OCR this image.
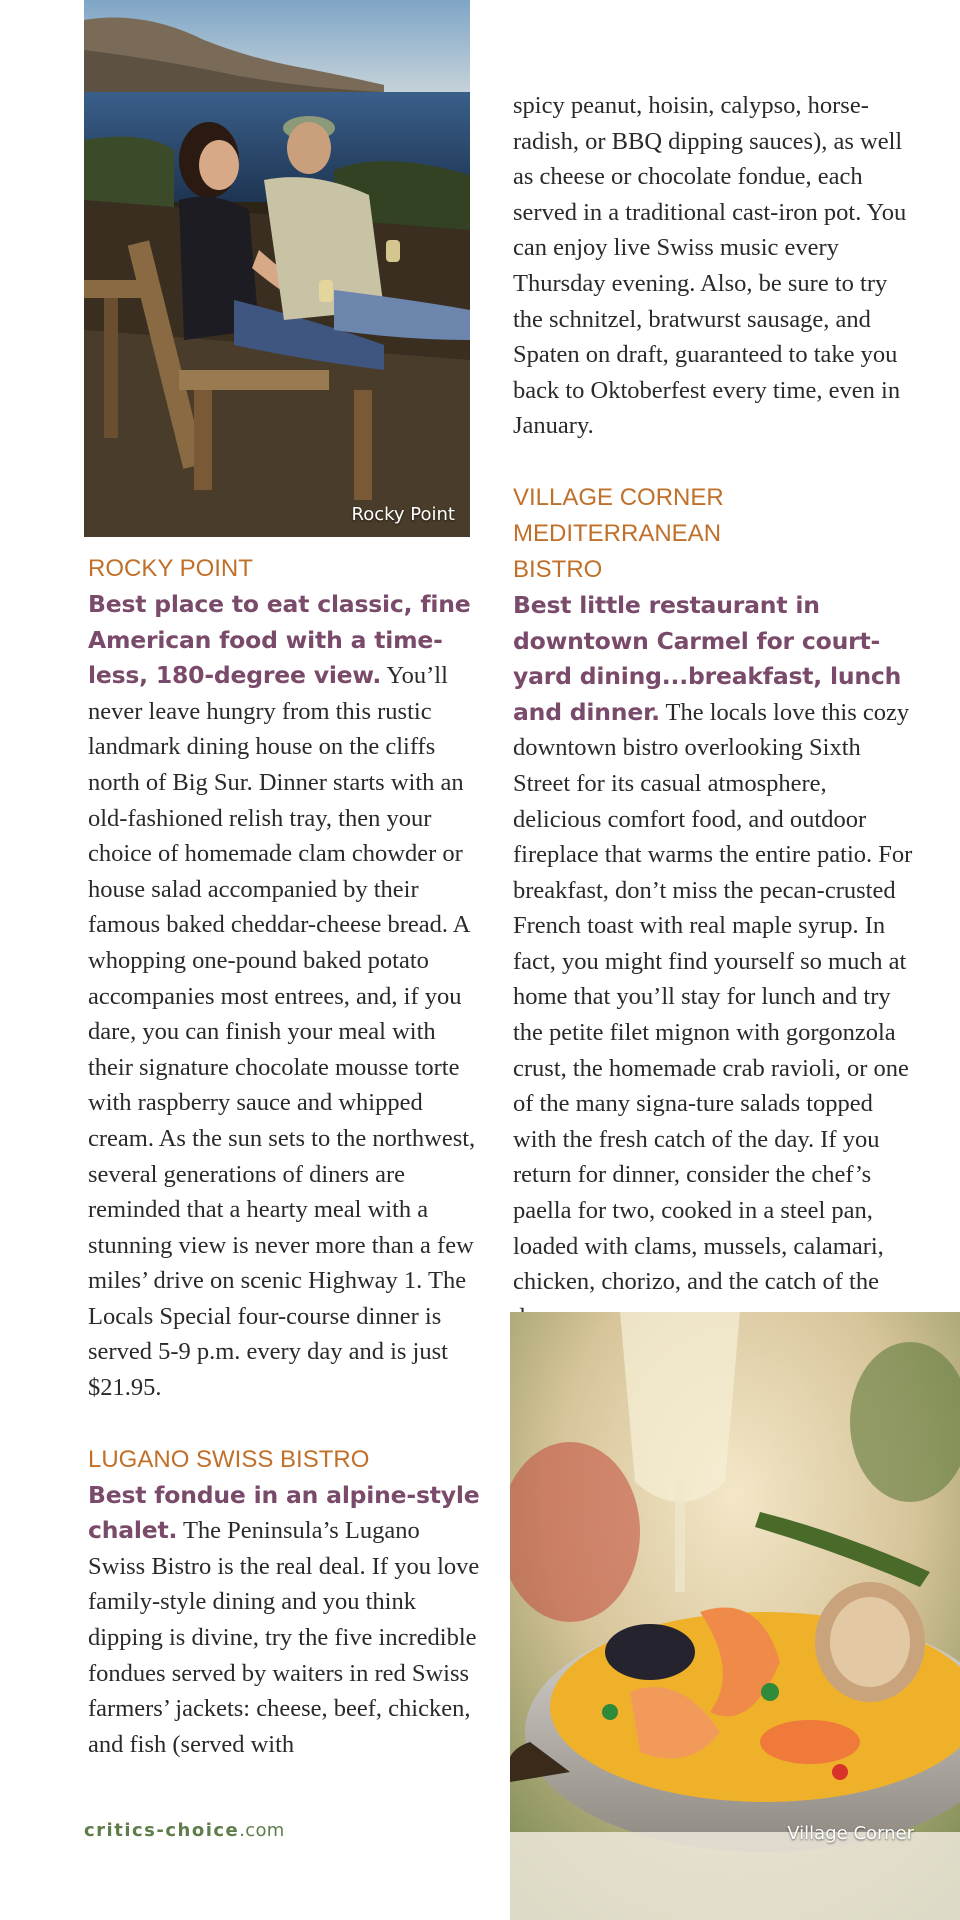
Rocky Point
ROCKY POINT

Best place to eat classic, fine American food with a time-less, 180-degree view. You’ll never leave hungry from this rustic landmark dining house on the cliffs north of Big Sur. Dinner starts with an old-fashioned relish tray, then your choice of homemade clam chowder or house salad accompanied by their famous baked cheddar-cheese bread. A whopping one-pound baked potato accompanies most entrees, and, if you dare, you can finish your meal with their signature chocolate mousse torte with raspberry sauce and whipped cream. As the sun sets to the northwest, several generations of diners are reminded that a hearty meal with a stunning view is never more than a few miles’ drive on scenic Highway 1. The Locals Special four-course dinner is served 5-9 p.m. every day and is just $21.95.

LUGANO SWISS BISTRO

Best fondue in an alpine-style chalet. The Peninsula’s Lugano Swiss Bistro is the real deal. If you love family-style dining and you think dipping is divine, try the five incredible fondues served by waiters in red Swiss farmers’ jackets: cheese, beef, chicken, and fish (served with

spicy peanut, hoisin, calypso, horse-radish, or BBQ dipping sauces), as well as cheese or chocolate fondue, each served in a traditional cast-iron pot. You can enjoy live Swiss music every Thursday evening. Also, be sure to try the schnitzel, bratwurst sausage, and Spaten on draft, guaranteed to take you back to Oktoberfest every time, even in January.

VILLAGE CORNER MEDITERRANEAN BISTRO

Best little restaurant in downtown Carmel for court-yard dining...breakfast, lunch and dinner. The locals love this cozy downtown bistro overlooking Sixth Street for its casual atmosphere, delicious comfort food, and outdoor fireplace that warms the entire patio. For breakfast, don’t miss the pecan-crusted French toast with real maple syrup. In fact, you might find yourself so much at home that you’ll stay for lunch and try the petite filet mignon with gorgonzola crust, the homemade crab ravioli, or one of the many signa-ture salads topped with the fresh catch of the day. If you return for dinner, consider the chef’s paella for two, cooked in a steel pan, loaded with clams, mussels, calamari, chicken, chorizo, and the catch of the

Village Corner
critics-choice.com
